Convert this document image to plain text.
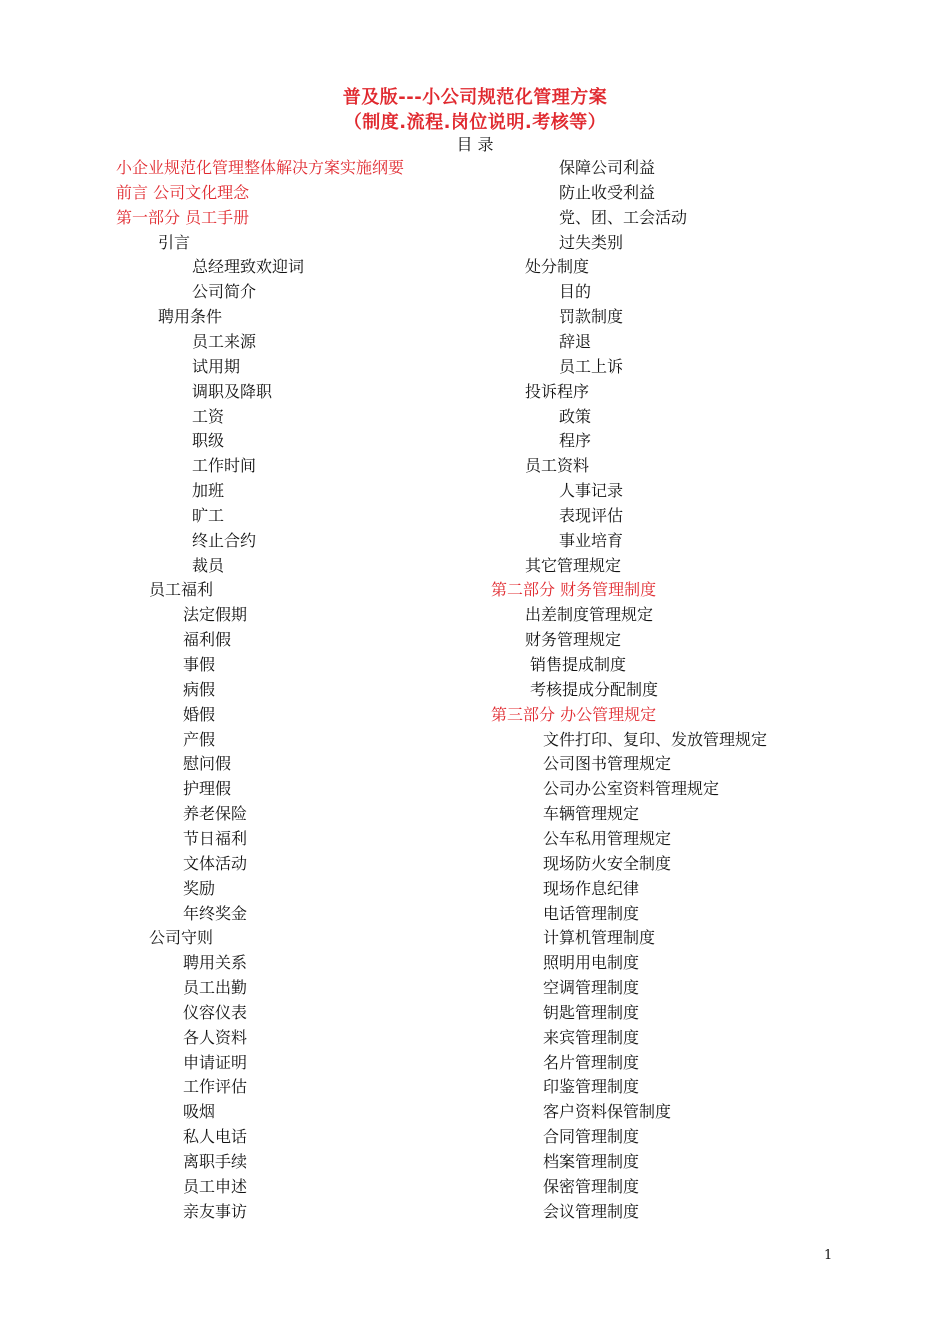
普及版---小公司规范化管理方案
（制度.流程.岗位说明.考核等）
目 录
小企业规范化管理整体解决方案实施纲要
前言 公司文化理念
第一部分 员工手册
引言
总经理致欢迎词
公司简介
聘用条件
员工来源
试用期
调职及降职
工资
职级
工作时间
加班
旷工
终止合约
裁员
员工福利
法定假期
福利假
事假
病假
婚假
产假
慰问假
护理假
养老保险
节日福利
文体活动
奖励
年终奖金
公司守则
聘用关系
员工出勤
仪容仪表
各人资料
申请证明
工作评估
吸烟
私人电话
离职手续
员工申述
亲友事访
保障公司利益
防止收受利益
党、团、工会活动
过失类别
处分制度
目的
罚款制度
辞退
员工上诉
投诉程序
政策
程序
员工资料
人事记录
表现评估
事业培育
其它管理规定
第二部分 财务管理制度
出差制度管理规定
财务管理规定
销售提成制度
考核提成分配制度
第三部分 办公管理规定
文件打印、复印、发放管理规定
公司图书管理规定
公司办公室资料管理规定
车辆管理规定
公车私用管理规定
现场防火安全制度
现场作息纪律
电话管理制度
计算机管理制度
照明用电制度
空调管理制度
钥匙管理制度
来宾管理制度
名片管理制度
印鉴管理制度
客户资料保管制度
合同管理制度
档案管理制度
保密管理制度
会议管理制度
1
